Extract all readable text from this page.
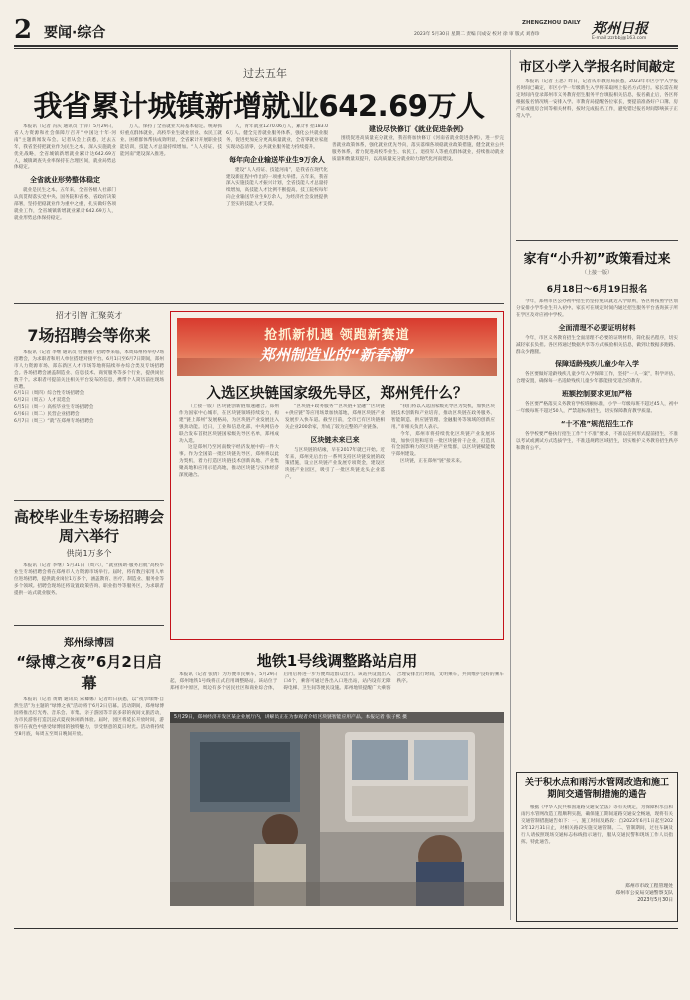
2 要闻·综合
ZHENGZHOU DAILY 郑州日报
2023年 5月30日 星期二 责编 闫成安 校对 徐 审 版式 刘春珍
E-mail:zzrbbj@163.com
过去五年
我省累计城镇新增就业642.69万人

本报讯（记者 冯庆 通讯员 于萍）5月29日，省人力资源和社会保障厅召开“中国这十年·河南”主题新闻发布会。记者从会上获悉，过去五年，我省坚持把就业作为民生之本，深入实施就业优先战略，全省城镇新增就业累计达642.69万人，城镇调查失业率保持在合理区间，就业局势总体稳定。

全省就业形势整体稳定

就业是民生之本。五年来，全省各级人社部门认真贯彻落实党中央、国务院和省委、省政府决策部署，坚持把稳就业作为重中之重，扎实做好各项就业工作，全省城镇新增就业累计642.69万人，就业形势总体保持稳定。

万人，保持了全省就业大局基本稳定。统筹抓好重点群体就业，高校毕业生就业创业、农民工就业、困难群体帮扶成效明显，全省累计开展职业技能培训，技能人才总量持续增加。“人人持证、技能河南”建设深入推进。

人，青年就业1270.06万人，累计扩招183.06万人。健全完善就业服务体系，强化公共就业服务，促进更加充分更高质量就业，全省零就业家庭实现动态清零，公共就业服务能力持续提升。

每年向企业输送毕业生9万余人

建设“人人持证、技能河南”，是我省在现代化建设新征程中作出的一项重大举措。五年来，我省深入实施技能人才振兴计划，全省技能人才总量持续增加，高技能人才比例不断提高。技工院校每年向企业输送毕业生9万余人，为经济社会发展提供了坚实的技能人才支撑。

建设尽快修订《就业促进条例》

围绕促进高质量充分就业，我省将加快修订《河南省就业促进条例》，进一步完善就业政策体系，强化就业优先导向，落实落细各项稳就业政策措施，健全就业公共服务体系，着力促进高校毕业生、农民工、退役军人等重点群体就业，持续推动就业质量和数量双提升，以高质量充分就业助力现代化河南建设。

招才引智 汇聚英才
7场招聘会等你来

本报讯（记者 李继 通讯员 付丽丽）招聘季来临，本周郑州将举办7场招聘会，为求职者和用人单位搭建对接平台。6月1日至6月7日期间，郑州市人力资源市场、郑东新区人才市场等地将陆续举办综合类及专场招聘会。各场招聘会涵盖制造业、信息技术、商贸服务等多个行业，提供岗位数千个。求职者可提前关注相关平台发布的信息，携带个人简历前往现场应聘。

6月1日（周四）综合性专场招聘会
6月2日（周五）人才双选会
6月5日（周一）高校毕业生专场招聘会
6月6日（周二）民营企业招聘会
6月7日（周三）“就”在郑州专场招聘会
高校毕业生专场招聘会周六举行
供岗1万多个

本报讯（记者 李继）5月31日（周六），“就业援助·服务启航”高校毕业生专场招聘会将在郑州市人力资源市场举行。届时，将有数百家用人单位进场招聘，提供就业岗位1万多个，涵盖教育、医疗、制造业、服务业等多个领域。招聘会现场还将设置政策咨询、职业指导等服务区，为求职者提供一站式就业服务。

郑州绿博园
“绿博之夜”6月2日启幕

本报讯（记者 黄婧 通讯员 宋卿娜）记者昨日获悉，以“夜享绿博·自然生活”为主题的“绿博之夜”活动将于6月2日启幕。活动期间，郑州绿博园将推出灯光秀、音乐会、市集、亲子游园等丰富多彩的夜间文旅活动，为市民游客打造沉浸式夏夜休闲新体验。届时，园区将延长开放时间，游客可在夜色中感受绿博园的独特魅力，享受惬意的夏日时光。活动将持续至8月底，每周五至周日晚间开放。

抢抓新机遇 领跑新赛道
郑州制造业的“新春潮”
入选区块链国家级先导区，郑州凭什么？

（上接一版）区块链创新链加速融合。郑州作为国家中心城市，在区块链领域持续发力，构建“链上郑州”发展格局，为区块链产业发展注入强劲动能。近日，工业和信息化部、中央网信办联合发布首批区块链国家级先导区名单，郑州成功入选。

这是郑州乃至河南数字经济发展中的一件大事。作为全国第一批区块链先导区，郑州将以此为契机，着力打造区块链技术创新高地、产业集聚高地和应用示范高地，推动区块链与实体经济深度融合。

“区块链+政务服务”“区块链+金融”“区块链+供应链”等应用场景加快落地，郑州区块链产业发展步入快车道。截至目前，全市已有区块链相关企业200余家，形成了较为完整的产业链条。

区块链未来已来

与区块链的结缘，早在2017年就已开始。近年来，郑州先后出台一系列支持区块链发展的政策措施，设立区块链产业发展专项资金，建设区块链产业园区，吸引了一批区块链龙头企业落户。

“我们将以入选国家级先导区为契机，加快区块链技术创新和产业培育，推动区块链在政务服务、智能制造、供应链管理、金融服务等领域的创新应用。”市相关负责人表示。

今年，郑州市将持续优化区块链产业发展环境，加快引进和培育一批区块链骨干企业，打造具有全国影响力的区块链产业集群，以区块链赋能数字郑州建设。

区块链，正在郑州“链”接未来。

地铁1号线调整路站启用

本报讯（记者 张倩）为方便市民乘车，5月29日起，郑州地铁1号线将正式启用调整路站。该站位于郑州市中原区，周边有多个居民社区和商业综合体，启用后将进一步方便周边群众出行。该站共设置出入口4个，乘客可通过各出入口进出站，站内设有无障碍电梯、卫生间等便民设施。郑州地铁提醒广大乘客合理安排出行时间，文明乘车，共同维护良好的乘车秩序。

5月29日，郑州经济开发区某企业展厅内，讲解员正在为参观者介绍区块链智能应用产品。本报记者 张子熙 摄
市区小学入学报名时间敲定

本报讯（记者 王思）昨日，记者从市教育局获悉，2023年市区小学入学报名时间已确定，市区小学一年级新生入学将采取网上报名方式进行。家长需在规定时间内登录郑州市义务教育招生服务平台填报相关信息，报名截止后，各区将根据报名情况统一安排入学。市教育局提醒各位家长，要提前准备好户口簿、房产证或租房合同等相关材料，按时完成报名工作，避免错过报名时间影响孩子正常入学。

家有“小升初”政策看过来
（上接一版）
6月18日～6月19日报名

今年，郑州市区公办初中招生仍坚持免试就近入学原则，各区将按照学区划分安排小学毕业生升入初中。家长可在规定时间内通过招生服务平台查询孩子所在学区及对应初中学校。

全面清理不必要证明材料

今年，市区义务教育招生全面清理不必要的证明材料，简化报名程序，切实减轻家长负担。各区将通过数据共享等方式核验相关信息，做到让数据多跑路、群众少跑腿。

保障适龄残疾儿童少年入学

各区要做好适龄残疾儿童少年入学保障工作，坚持“一人一案”，科学评估、合理安置，确保每一名适龄残疾儿童少年都能接受适合的教育。

班额控制要求更加严格

各区要严格落实义务教育学校班额标准，小学一年级每班不超过45人，初中一年级每班不超过50人，严禁超标准招生，切实保障教育教学质量。

“十不准”规范招生工作

各学校要严格执行招生工作“十不准”要求，不准以任何形式提前招生，不准以考试或测试方式选拔学生，不准违规跨区域招生，切实维护义务教育招生秩序和教育公平。

关于积水点和雨污水管网改造和施工期间交通管制措施的通告

根据《中华人民共和国道路交通安全法》等有关规定，为保障积水点和雨污水管网改造工程顺利实施，确保施工期间道路交通安全畅通，现将有关交通管制措施通告如下：一、施工时间及路段：自2023年6月1日起至2023年12月31日止，对相关路段实施交通管制。二、管制期间，过往车辆及行人请按照现场交通标志标线指示通行，服从交通民警和现场工作人员指挥。特此通告。

郑州市市政工程管理处
郑州市公安局交通警察支队
2023年5月30日
